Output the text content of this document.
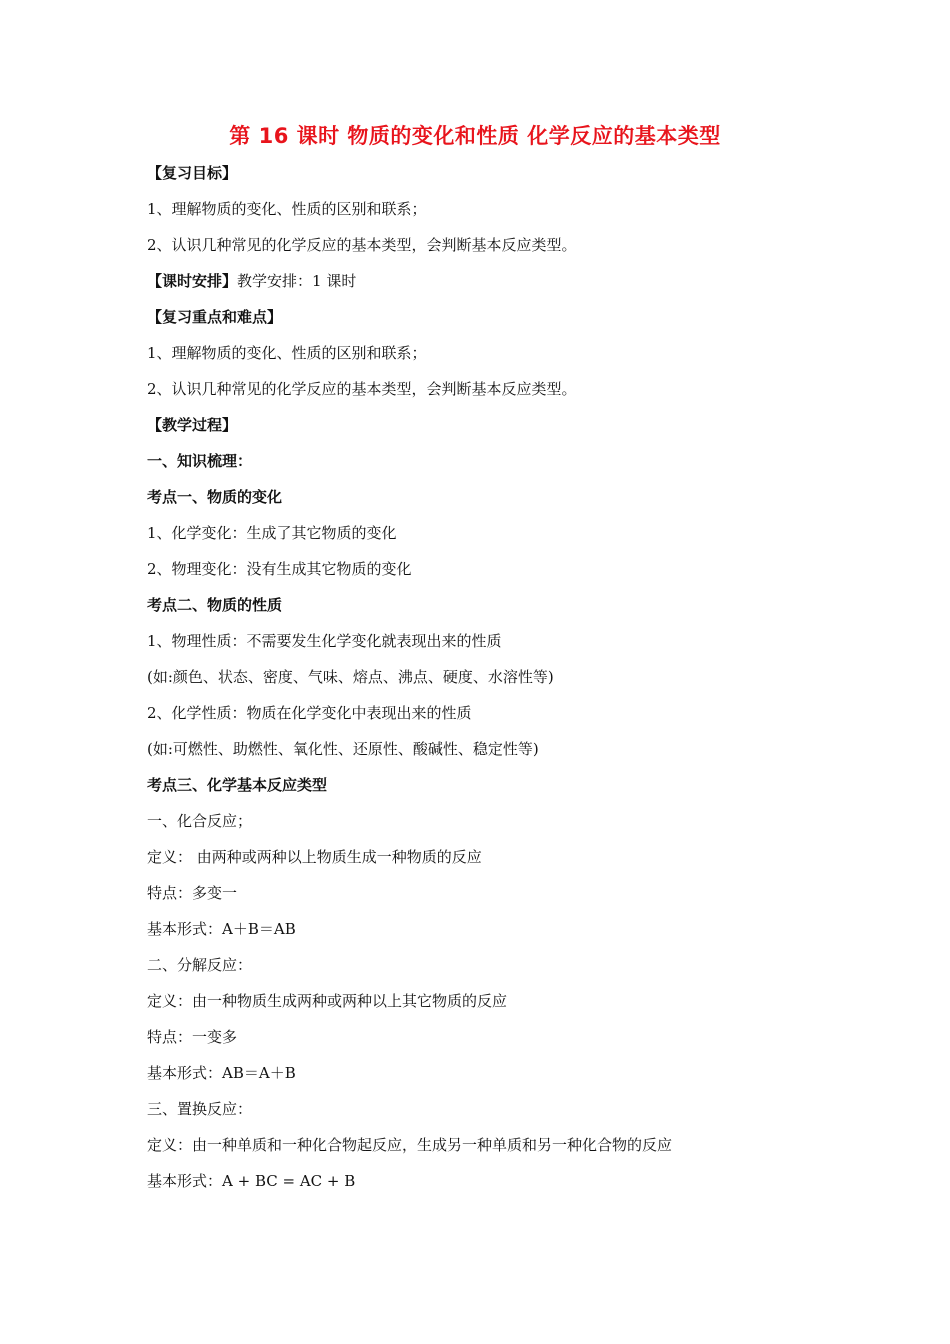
第 16 课时 物质的变化和性质 化学反应的基本类型
【复习目标】
1、理解物质的变化、性质的区别和联系；
2、认识几种常见的化学反应的基本类型，会判断基本反应类型。
【课时安排】教学安排：1 课时
【复习重点和难点】
1、理解物质的变化、性质的区别和联系；
2、认识几种常见的化学反应的基本类型，会判断基本反应类型。
【教学过程】
一、知识梳理：
考点一、物质的变化
1、化学变化：生成了其它物质的变化
2、物理变化：没有生成其它物质的变化
考点二、物质的性质
1、物理性质：不需要发生化学变化就表现出来的性质
(如:颜色、状态、密度、气味、熔点、沸点、硬度、水溶性等)
2、化学性质：物质在化学变化中表现出来的性质
(如:可燃性、助燃性、氧化性、还原性、酸碱性、稳定性等)
考点三、化学基本反应类型
一、化合反应；
定义： 由两种或两种以上物质生成一种物质的反应
特点：多变一
基本形式：A＋B＝AB
二、分解反应：
定义：由一种物质生成两种或两种以上其它物质的反应
特点：一变多
基本形式：AB＝A＋B
三、置换反应：
定义：由一种单质和一种化合物起反应，生成另一种单质和另一种化合物的反应
基本形式：A + BC = AC + B
